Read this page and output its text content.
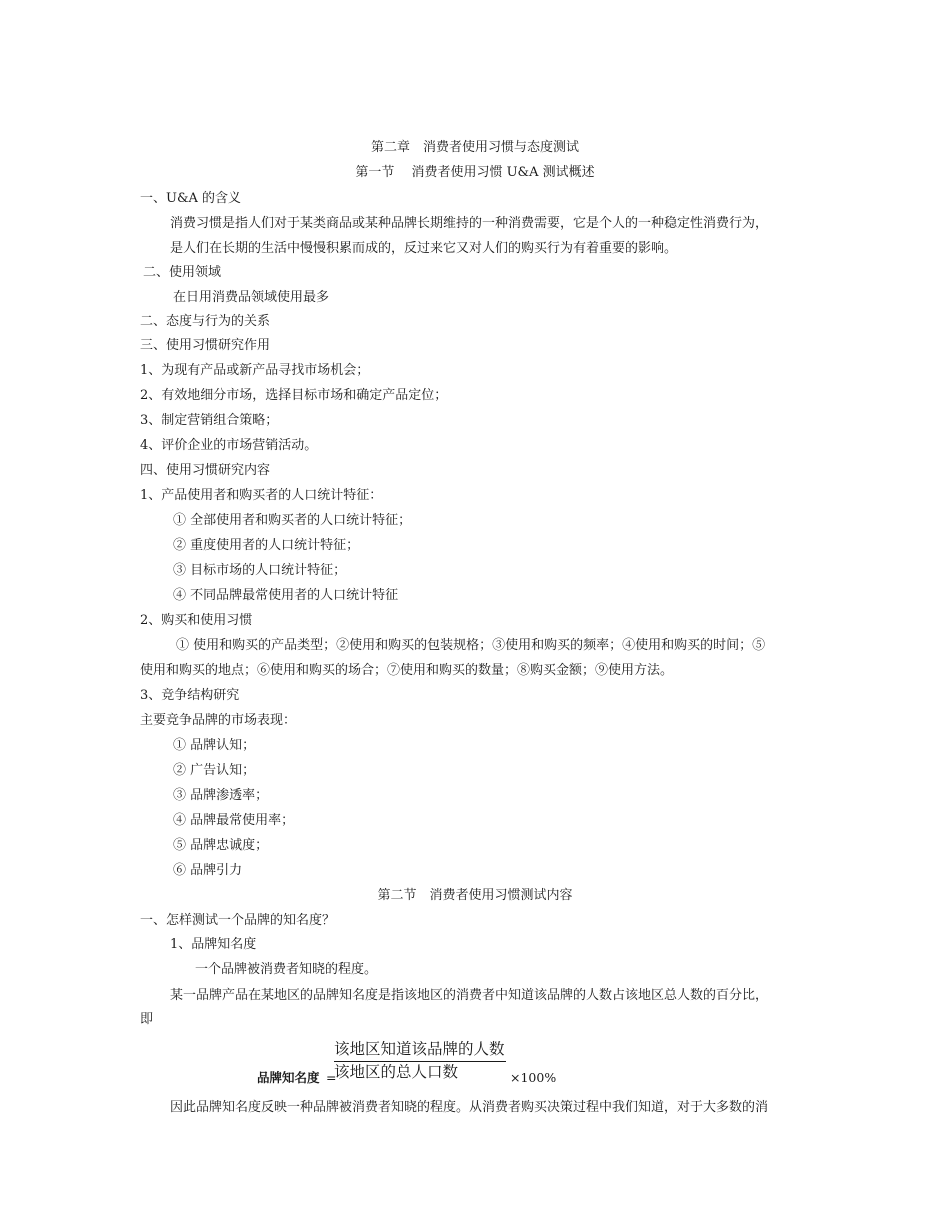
第二章　消费者使用习惯与态度测试
第一节　 消费者使用习惯 U&A 测试概述
一、U&A 的含义
消费习惯是指人们对于某类商品或某种品牌长期维持的一种消费需要，它是个人的一种稳定性消费行为，
是人们在长期的生活中慢慢积累而成的，反过来它又对人们的购买行为有着重要的影响。
二、使用领域
在日用消费品领域使用最多
二、态度与行为的关系
三、使用习惯研究作用
1、为现有产品或新产品寻找市场机会；
2、有效地细分市场，选择目标市场和确定产品定位；
3、制定营销组合策略；
4、评价企业的市场营销活动。
四、使用习惯研究内容
1、产品使用者和购买者的人口统计特征：
① 全部使用者和购买者的人口统计特征；
② 重度使用者的人口统计特征；
③ 目标市场的人口统计特征；
④ 不同品牌最常使用者的人口统计特征
2、购买和使用习惯
① 使用和购买的产品类型；②使用和购买的包装规格；③使用和购买的频率；④使用和购买的时间；⑤
使用和购买的地点；⑥使用和购买的场合；⑦使用和购买的数量；⑧购买金额；⑨使用方法。
3、竞争结构研究
主要竞争品牌的市场表现：
① 品牌认知；
② 广告认知；
③ 品牌渗透率；
④ 品牌最常使用率；
⑤ 品牌忠诚度；
⑥ 品牌引力
第二节　消费者使用习惯测试内容
一、怎样测试一个品牌的知名度？
1、品牌知名度
一个品牌被消费者知晓的程度。
某一品牌产品在某地区的品牌知名度是指该地区的消费者中知道该品牌的人数占该地区总人数的百分比，
即
该地区知道该品牌的人数
该地区的总人口数
品牌知名度 =	×100%
因此品牌知名度反映一种品牌被消费者知晓的程度。从消费者购买决策过程中我们知道，对于大多数的消
